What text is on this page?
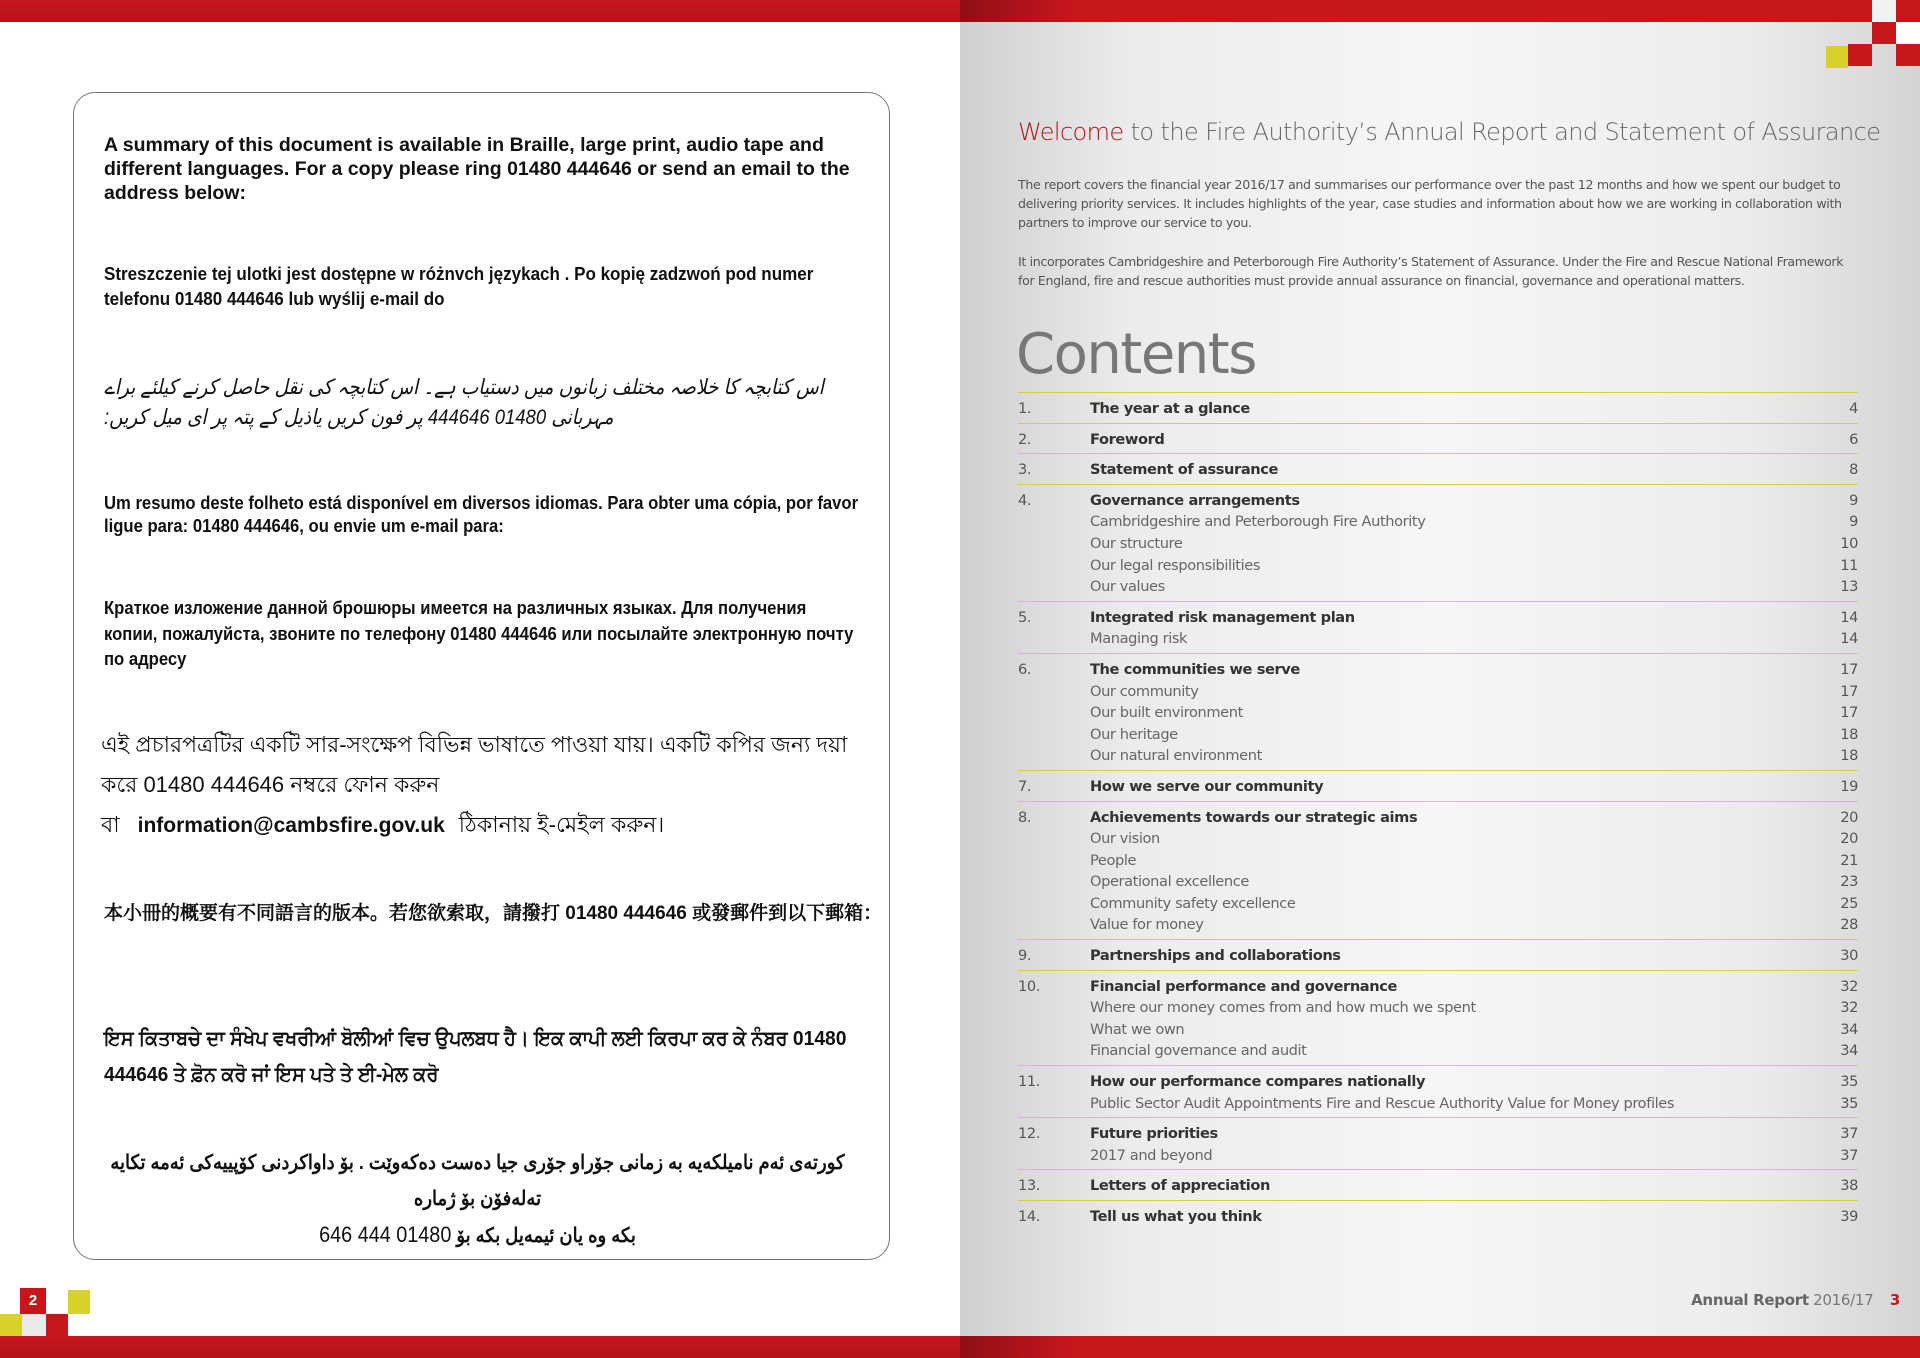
A summary of this document is available in Braille, large print, audio tape and different languages. For a copy please ring 01480 444646 or send an email to the address below:
Streszczenie tej ulotki jest dostępne w różnvch językach . Po kopię zadzwoń pod numer telefonu 01480 444646 lub wyślij e-mail do
اس کتابچہ کا خلاصہ مختلف زبانوں میں دستیاب ہے۔ اس کتابچہ کی نقل حاصل کرنے کیلئے براے مہربانی 01480 444646 پر فون کریں یاذیل کے پتہ پر ای میل کریں:
Um resumo deste folheto está disponível em diversos idiomas. Para obter uma cópia, por favor ligue para: 01480 444646, ou envie um e-mail para:
Краткое изложение данной брошюры имеется на различных языках. Для получения копии, пожалуйста, звоните по телефону 01480 444646 или посылайте электронную почту по адресу
এই প্রচারপত্রটির একটি সার-সংক্ষেপ বিভিন্ন ভাষাতে পাওয়া যায়। একটি কপির জন্য দয়া করে 01480 444646 নম্বরে ফোন করুন বা information@cambsfire.gov.uk ঠিকানায় ই-মেইল করুন।
本小冊的概要有不同語言的版本。若您欲索取，請撥打 01480 444646 或發郵件到以下郵箱：
ਇਸ ਕਿਤਾਬਚੇ ਦਾ ਸੰਖੇਪ ਵਖਰੀਆਂ ਬੋਲੀਆਂ ਵਿਚ ਉਪਲਬਧ ਹੈ। ਇਕ ਕਾਪੀ ਲਈ ਕਿਰਪਾ ਕਰ ਕੇ ਨੰਬਰ 01480 444646 ਤੇ ਫ਼ੋਨ ਕਰੋ ਜਾਂ ਇਸ ਪਤੇ ਤੇ ਈ-ਮੇਲ ਕਰੋ
کورتەی ئەم نامیلکەیە بە زمانی جۆراو جۆری جیا دەست دەکەوێت . بۆ داواکردنی کۆپییەکی ئەمە تکایە تەلەفۆن بۆ ژمارە
بکە وە یان ئیمەیل بکە بۆ 01480 444 646
2
Welcome to the Fire Authority’s Annual Report and Statement of Assurance
The report covers the financial year 2016/17 and summarises our performance over the past 12 months and how we spent our budget to delivering priority services. It includes highlights of the year, case studies and information about how we are working in collaboration with partners to improve our service to you.
It incorporates Cambridgeshire and Peterborough Fire Authority’s Statement of Assurance. Under the Fire and Rescue National Framework for England, fire and rescue authorities must provide annual assurance on financial, governance and operational matters.
Contents
1.	The year at a glance	4
2.	Foreword	6
3.	Statement of assurance	8
4.	Governance arrangements	9
Cambridgeshire and Peterborough Fire Authority	9
Our structure	10
Our legal responsibilities	11
Our values	13
5.	Integrated risk management plan	14
Managing risk	14
6.	The communities we serve	17
Our community	17
Our built environment	17
Our heritage	18
Our natural environment	18
7.	How we serve our community	19
8.	Achievements towards our strategic aims	20
Our vision	20
People	21
Operational excellence	23
Community safety excellence	25
Value for money	28
9.	Partnerships and collaborations	30
10.	Financial performance and governance	32
Where our money comes from and how much we spent	32
What we own	34
Financial governance and audit	34
11.	How our performance compares nationally	35
Public Sector Audit Appointments Fire and Rescue Authority Value for Money profiles	35
12.	Future priorities	37
2017 and beyond	37
13.	Letters of appreciation	38
14.	Tell us what you think	39
Annual Report 2016/17 3
